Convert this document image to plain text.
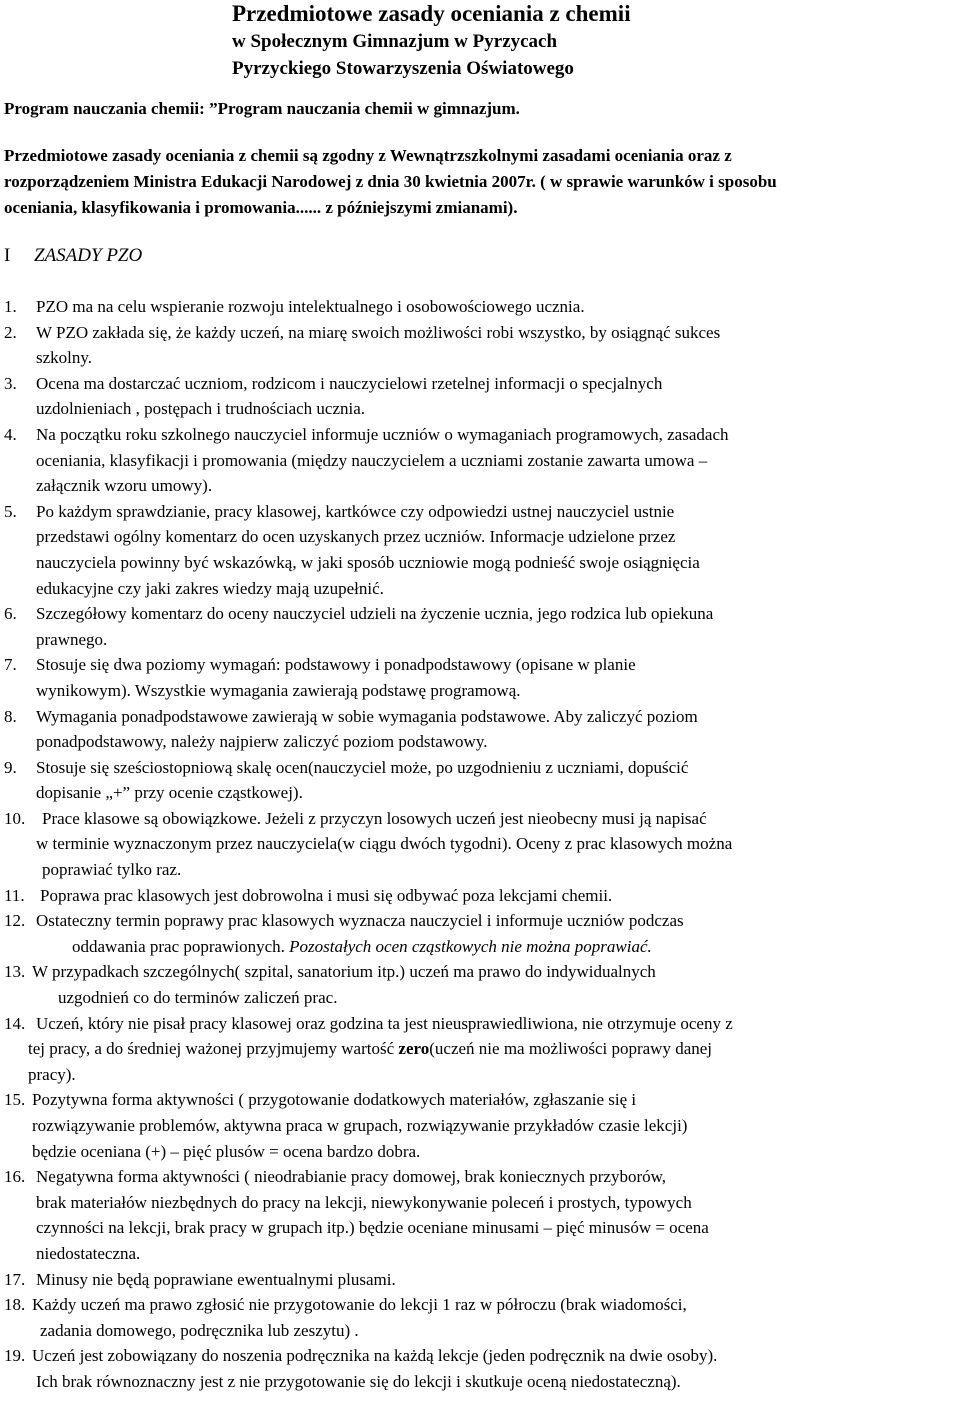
Przedmiotowe zasady oceniania z chemii
w Społecznym Gimnazjum w Pyrzycach
Pyrzyckiego Stowarzyszenia Oświatowego
Program nauczania chemii: ”Program nauczania chemii w gimnazjum.
Przedmiotowe zasady oceniania z chemii są zgodny z Wewnątrzszkolnymi zasadami oceniania oraz z
rozporządzeniem Ministra Edukacji Narodowej z dnia 30 kwietnia 2007r. ( w sprawie warunków i sposobu
oceniania, klasyfikowania i promowania...... z późniejszymi zmianami).
I ZASADY PZO
1. PZO ma na celu wspieranie rozwoju intelektualnego i osobowościowego ucznia.
2. W PZO zakłada się, że każdy uczeń, na miarę swoich możliwości robi wszystko, by osiągnąć sukces
szkolny.
3. Ocena ma dostarczać uczniom, rodzicom i nauczycielowi rzetelnej informacji o specjalnych
uzdolnieniach , postępach i trudnościach ucznia.
4. Na początku roku szkolnego nauczyciel informuje uczniów o wymaganiach programowych, zasadach
oceniania, klasyfikacji i promowania (między nauczycielem a uczniami zostanie zawarta umowa –
załącznik wzoru umowy).
5. Po każdym sprawdzianie, pracy klasowej, kartkówce czy odpowiedzi ustnej nauczyciel ustnie
przedstawi ogólny komentarz do ocen uzyskanych przez uczniów. Informacje udzielone przez
nauczyciela powinny być wskazówką, w jaki sposób uczniowie mogą podnieść swoje osiągnięcia
edukacyjne czy jaki zakres wiedzy mają uzupełnić.
6. Szczegółowy komentarz do oceny nauczyciel udzieli na życzenie ucznia, jego rodzica lub opiekuna
prawnego.
7. Stosuje się dwa poziomy wymagań: podstawowy i ponadpodstawowy (opisane w planie
wynikowym). Wszystkie wymagania zawierają podstawę programową.
8. Wymagania ponadpodstawowe zawierają w sobie wymagania podstawowe. Aby zaliczyć poziom
ponadpodstawowy, należy najpierw zaliczyć poziom podstawowy.
9. Stosuje się sześciostopniową skalę ocen(nauczyciel może, po uzgodnieniu z uczniami, dopuścić
dopisanie „+” przy ocenie cząstkowej).
10. Prace klasowe są obowiązkowe. Jeżeli z przyczyn losowych uczeń jest nieobecny musi ją napisać
w terminie wyznaczonym przez nauczyciela(w ciągu dwóch tygodni). Oceny z prac klasowych można
poprawiać tylko raz.
11. Poprawa prac klasowych jest dobrowolna i musi się odbywać poza lekcjami chemii.
12. Ostateczny termin poprawy prac klasowych wyznacza nauczyciel i informuje uczniów podczas
oddawania prac poprawionych. Pozostałych ocen cząstkowych nie można poprawiać.
13. W przypadkach szczególnych( szpital, sanatorium itp.) uczeń ma prawo do indywidualnych
uzgodnień co do terminów zaliczeń prac.
14. Uczeń, który nie pisał pracy klasowej oraz godzina ta jest nieusprawiedliwiona, nie otrzymuje oceny z
tej pracy, a do średniej ważonej przyjmujemy wartość zero(uczeń nie ma możliwości poprawy danej
pracy).
15. Pozytywna forma aktywności ( przygotowanie dodatkowych materiałów, zgłaszanie się i
rozwiązywanie problemów, aktywna praca w grupach, rozwiązywanie przykładów czasie lekcji)
będzie oceniana (+) – pięć plusów = ocena bardzo dobra.
16. Negatywna forma aktywności ( nieodrabianie pracy domowej, brak koniecznych przyborów,
brak materiałów niezbędnych do pracy na lekcji, niewykonywanie poleceń i prostych, typowych
czynności na lekcji, brak pracy w grupach itp.) będzie oceniane minusami – pięć minusów = ocena
niedostateczna.
17. Minusy nie będą poprawiane ewentualnymi plusami.
18. Każdy uczeń ma prawo zgłosić nie przygotowanie do lekcji 1 raz w półroczu (brak wiadomości,
zadania domowego, podręcznika lub zeszytu) .
19. Uczeń jest zobowiązany do noszenia podręcznika na każdą lekcje (jeden podręcznik na dwie osoby).
Ich brak równoznaczny jest z nie przygotowanie się do lekcji i skutkuje oceną niedostateczną).
